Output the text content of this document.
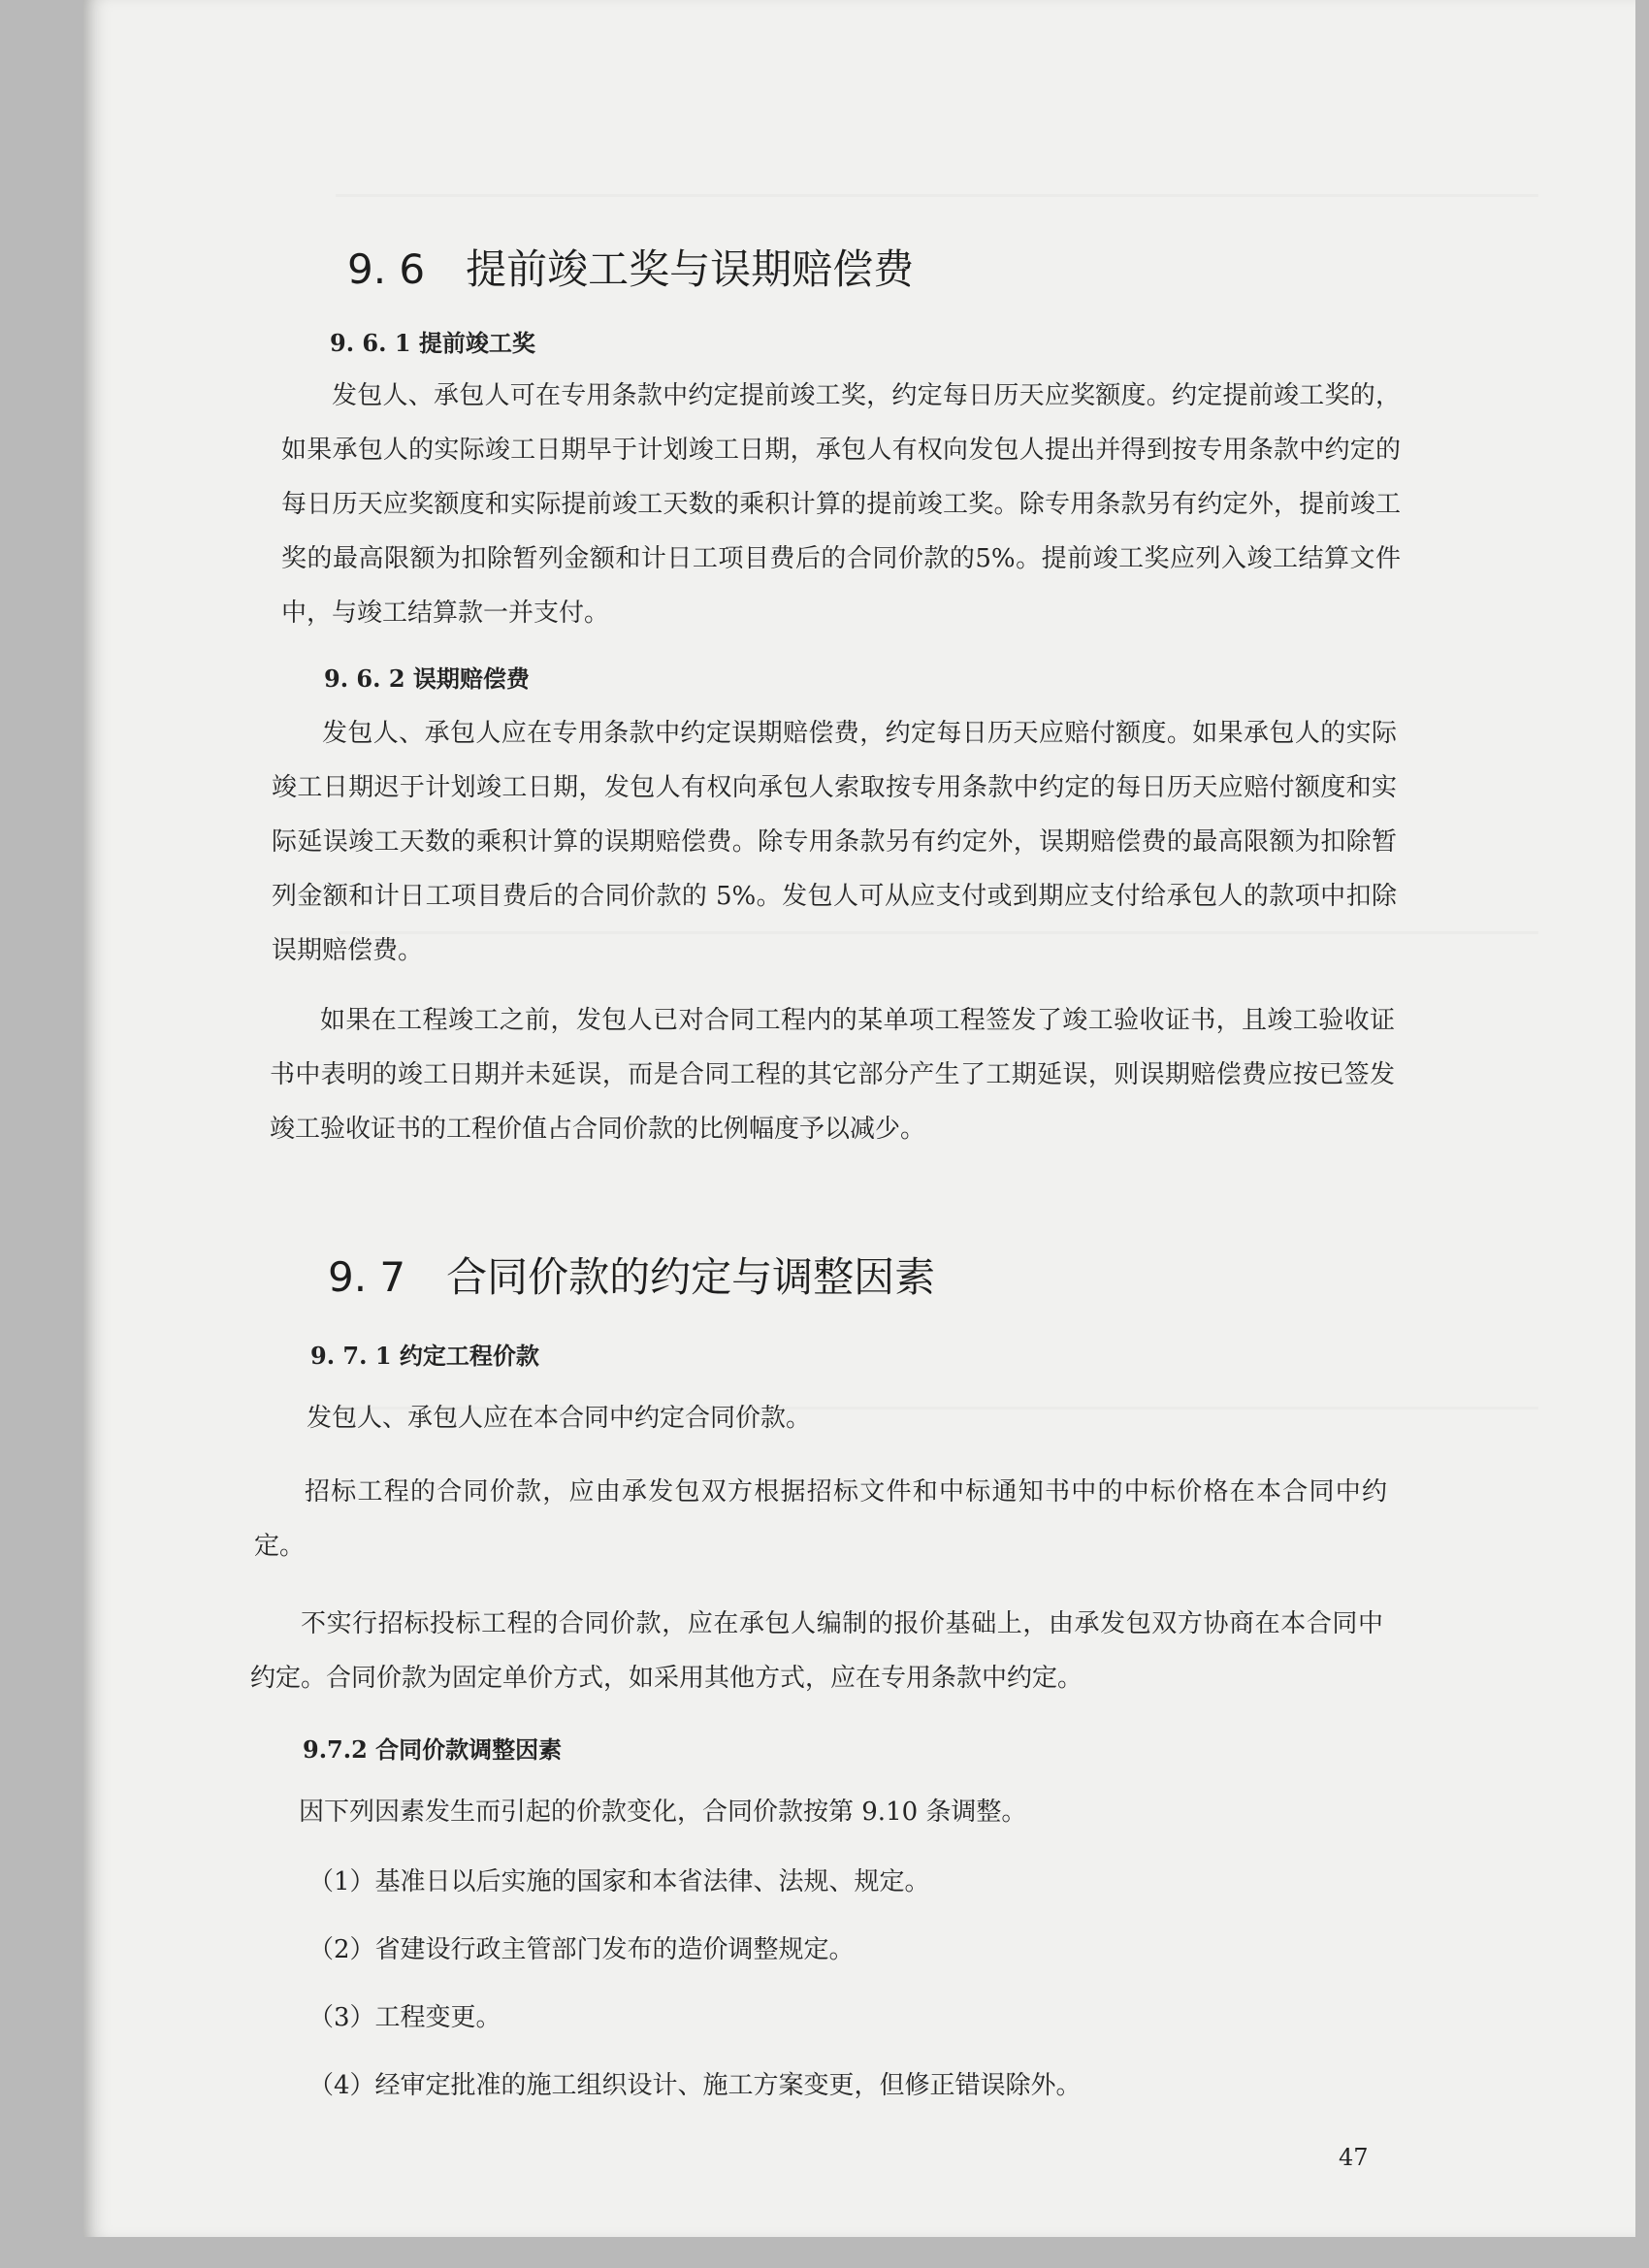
9. 6 提前竣工奖与误期赔偿费
9. 6. 1 提前竣工奖

发包人、承包人可在专用条款中约定提前竣工奖，约定每日历天应奖额度。约定提前竣工奖的，如果承包人的实际竣工日期早于计划竣工日期，承包人有权向发包人提出并得到按专用条款中约定的每日历天应奖额度和实际提前竣工天数的乘积计算的提前竣工奖。除专用条款另有约定外，提前竣工奖的最高限额为扣除暂列金额和计日工项目费后的合同价款的5%。提前竣工奖应列入竣工结算文件中，与竣工结算款一并支付。

9. 6. 2 误期赔偿费

发包人、承包人应在专用条款中约定误期赔偿费，约定每日历天应赔付额度。如果承包人的实际竣工日期迟于计划竣工日期，发包人有权向承包人索取按专用条款中约定的每日历天应赔付额度和实际延误竣工天数的乘积计算的误期赔偿费。除专用条款另有约定外，误期赔偿费的最高限额为扣除暂列金额和计日工项目费后的合同价款的 5%。发包人可从应支付或到期应支付给承包人的款项中扣除误期赔偿费。

如果在工程竣工之前，发包人已对合同工程内的某单项工程签发了竣工验收证书，且竣工验收证书中表明的竣工日期并未延误，而是合同工程的其它部分产生了工期延误，则误期赔偿费应按已签发竣工验收证书的工程价值占合同价款的比例幅度予以减少。

9. 7 合同价款的约定与调整因素
9. 7. 1 约定工程价款

发包人、承包人应在本合同中约定合同价款。

招标工程的合同价款，应由承发包双方根据招标文件和中标通知书中的中标价格在本合同中约定。

不实行招标投标工程的合同价款，应在承包人编制的报价基础上，由承发包双方协商在本合同中约定。合同价款为固定单价方式，如采用其他方式，应在专用条款中约定。

9.7.2 合同价款调整因素

因下列因素发生而引起的价款变化，合同价款按第 9.10 条调整。

（1）基准日以后实施的国家和本省法律、法规、规定。

（2）省建设行政主管部门发布的造价调整规定。

（3）工程变更。

（4）经审定批准的施工组织设计、施工方案变更，但修正错误除外。

47
